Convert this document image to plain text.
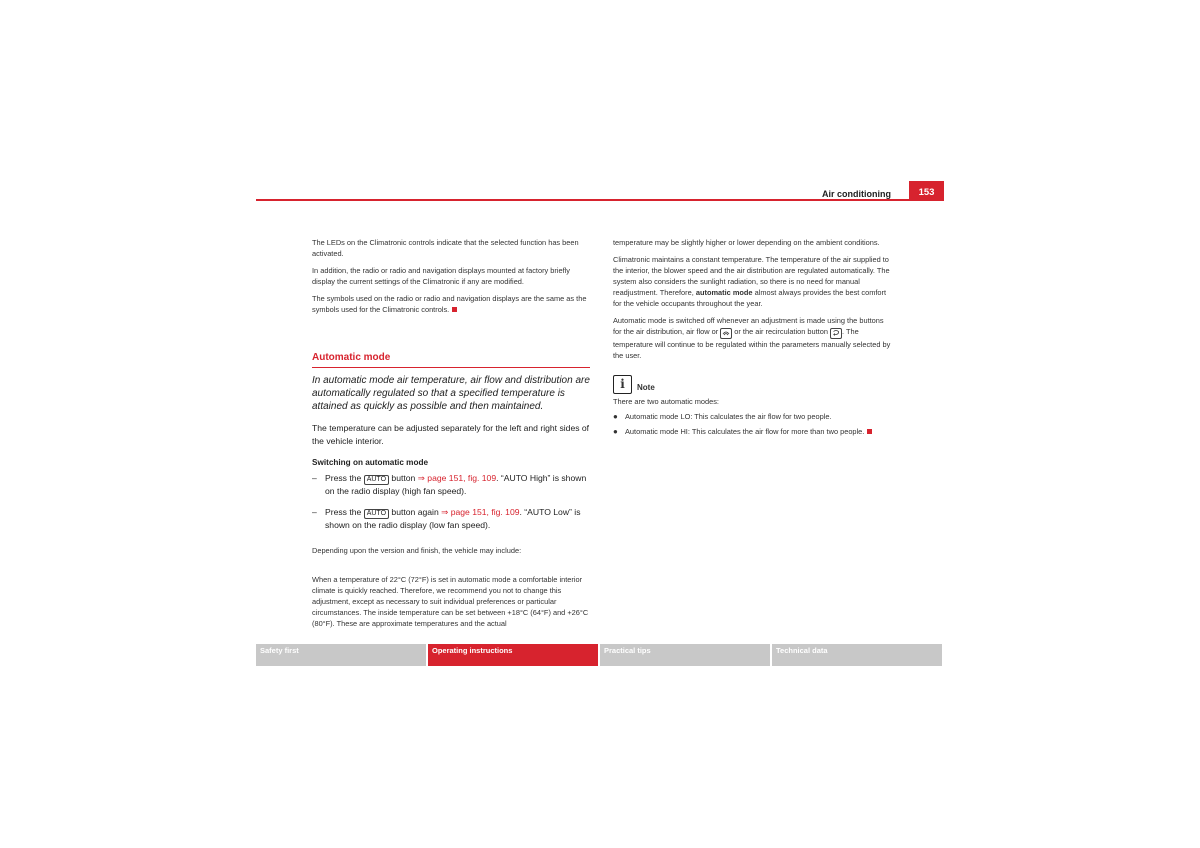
153
Air conditioning

The LEDs on the Climatronic controls indicate that the selected function has been activated.

In addition, the radio or radio and navigation displays mounted at factory briefly display the current settings of the Climatronic if any are modified.

The symbols used on the radio or radio and navigation displays are the same as the symbols used for the Climatronic controls.

Automatic mode

In automatic mode air temperature, air flow and distribution are automatically regulated so that a specified temperature is attained as quickly as possible and then maintained.

The temperature can be adjusted separately for the left and right sides of the vehicle interior.

Switching on automatic mode

– Press the AUTO button ⇒ page 151, fig. 109. “AUTO High” is shown on the radio display (high fan speed).
– Press the AUTO button again ⇒ page 151, fig. 109. “AUTO Low” is shown on the radio display (low fan speed).

Depending upon the version and finish, the vehicle may include:

When a temperature of 22°C (72°F) is set in automatic mode a comfortable interior climate is quickly reached. Therefore, we recommend you not to change this adjustment, except as necessary to suit individual preferences or particular circumstances. The inside temperature can be set between +18°C (64°F) and +26°C (80°F). These are approximate temperatures and the actual

temperature may be slightly higher or lower depending on the ambient conditions.

Climatronic maintains a constant temperature. The temperature of the air supplied to the interior, the blower speed and the air distribution are regulated automatically. The system also considers the sunlight radiation, so there is no need for manual readjustment. Therefore, automatic mode almost always provides the best comfort for the vehicle occupants throughout the year.

Automatic mode is switched off whenever an adjustment is made using the buttons for the air distribution, air flow or or the air recirculation button . The temperature will continue to be regulated within the parameters manually selected by the user.

i	Note
There are two automatic modes:
● Automatic mode LO: This calculates the air flow for two people.
● Automatic mode HI: This calculates the air flow for more than two people.
Safety first	Operating instructions	Practical tips	Technical data
